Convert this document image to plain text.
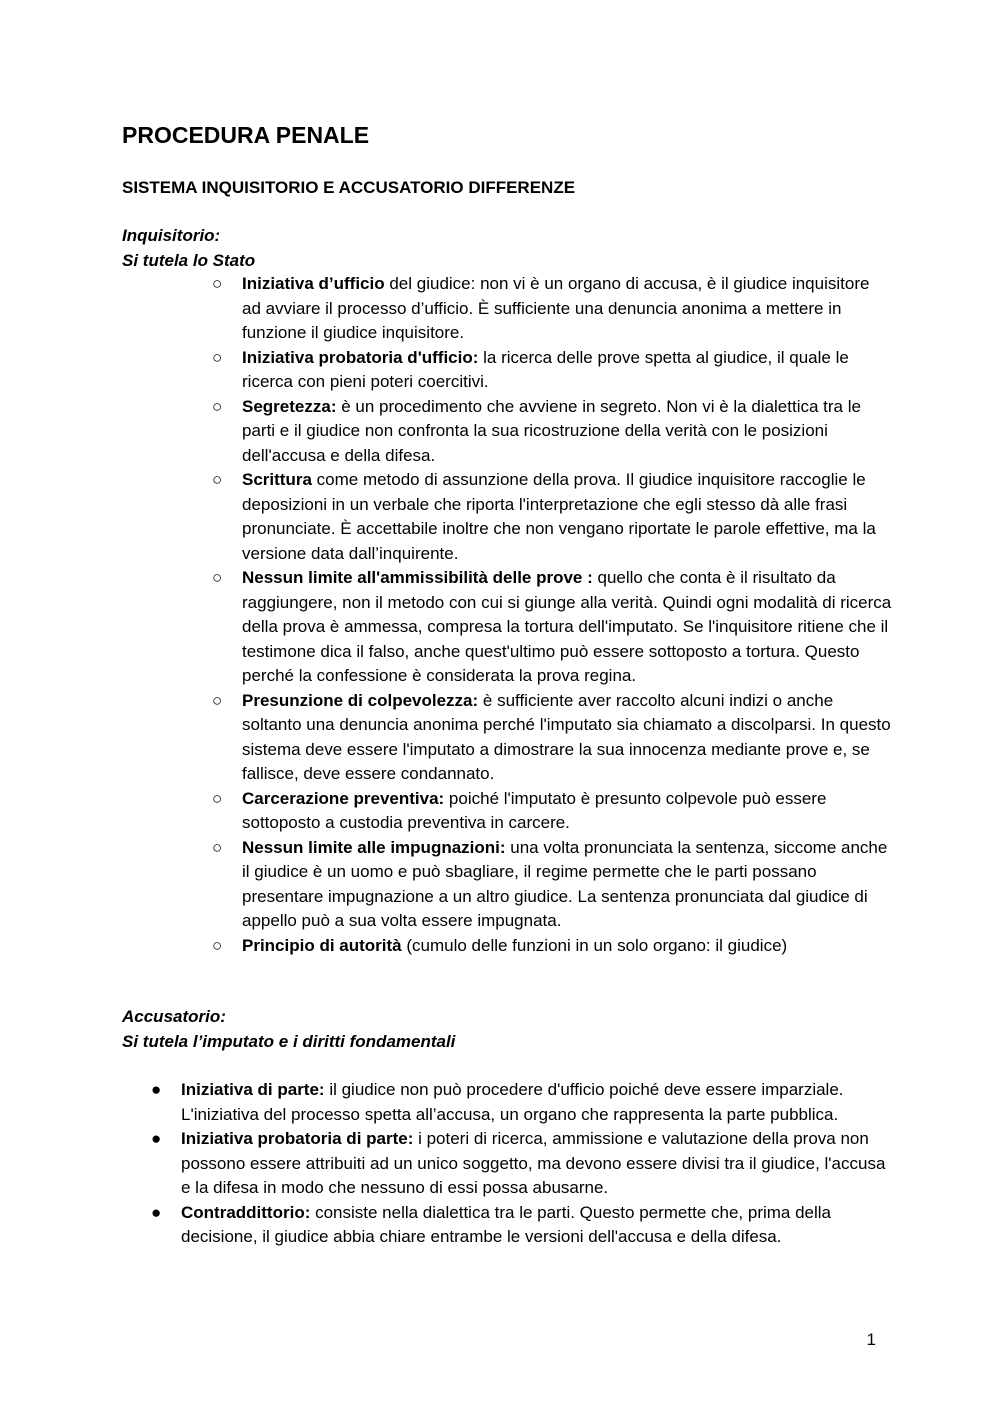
PROCEDURA PENALE
SISTEMA INQUISITORIO E ACCUSATORIO DIFFERENZE
Inquisitorio:
Si tutela lo Stato
○ Iniziativa d’ufficio del giudice: non vi è un organo di accusa, è il giudice inquisitore ad avviare il processo d’ufficio. È sufficiente una denuncia anonima a mettere in funzione il giudice inquisitore.
○ Iniziativa probatoria d'ufficio: la ricerca delle prove spetta al giudice, il quale le ricerca con pieni poteri coercitivi.
○ Segretezza: è un procedimento che avviene in segreto. Non vi è la dialettica tra le parti e il giudice non confronta la sua ricostruzione della verità con le posizioni dell'accusa e della difesa.
○ Scrittura come metodo di assunzione della prova. Il giudice inquisitore raccoglie le deposizioni in un verbale che riporta l'interpretazione che egli stesso dà alle frasi pronunciate. È accettabile inoltre che non vengano riportate le parole effettive, ma la versione data dall’inquirente.
○ Nessun limite all'ammissibilità delle prove : quello che conta è il risultato da raggiungere, non il metodo con cui si giunge alla verità. Quindi ogni modalità di ricerca della prova è ammessa, compresa la tortura dell'imputato. Se l'inquisitore ritiene che il testimone dica il falso, anche quest'ultimo può essere sottoposto a tortura. Questo perché la confessione è considerata la prova regina.
○ Presunzione di colpevolezza: è sufficiente aver raccolto alcuni indizi o anche soltanto una denuncia anonima perché l'imputato sia chiamato a discolparsi. In questo sistema deve essere l'imputato a dimostrare la sua innocenza mediante prove e, se fallisce, deve essere condannato.
○ Carcerazione preventiva: poiché l'imputato è presunto colpevole può essere sottoposto a custodia preventiva in carcere.
○ Nessun limite alle impugnazioni: una volta pronunciata la sentenza, siccome anche il giudice è un uomo e può sbagliare, il regime permette che le parti possano presentare impugnazione a un altro giudice. La sentenza pronunciata dal giudice di appello può a sua volta essere impugnata.
○ Principio di autorità (cumulo delle funzioni in un solo organo: il giudice)
Accusatorio:
Si tutela l’imputato e i diritti fondamentali
● Iniziativa di parte: il giudice non può procedere d'ufficio poiché deve essere imparziale. L'iniziativa del processo spetta all’accusa, un organo che rappresenta la parte pubblica.
● Iniziativa probatoria di parte: i poteri di ricerca, ammissione e valutazione della prova non possono essere attribuiti ad un unico soggetto, ma devono essere divisi tra il giudice, l'accusa e la difesa in modo che nessuno di essi possa abusarne.
● Contraddittorio: consiste nella dialettica tra le parti. Questo permette che, prima della decisione, il giudice abbia chiare entrambe le versioni dell'accusa e della difesa.
1
